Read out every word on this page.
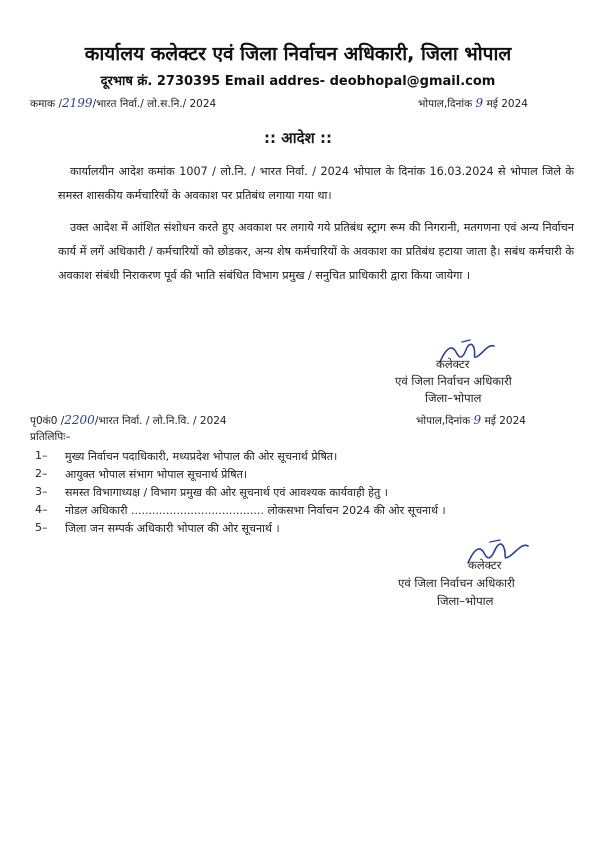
कार्यालय कलेक्टर एवं जिला निर्वाचन अधिकारी, जिला भोपाल
दूरभाष क्रं. 2730395 Email addres- deobhopal@gmail.com
कमाक /2199/भारत निर्वा./ लो.स.नि./ 2024	भोपाल,दिनांक 9 मई 2024
:: आदेश ::
कार्यालयीन आदेश कमांक 1007 / लो.नि. / भारत निर्वा. / 2024 भोपाल के दिनांक 16.03.2024 से भोपाल जिले के समस्त शासकीय कर्मचारियों के अवकाश पर प्रतिबंध लगाया गया था।
उक्त आदेश में आंशित संशोधन करते हुए अवकाश पर लगाये गये प्रतिबंध स्ट्राग रूम की निगरानी, मतगणना एवं अन्य निर्वाचन कार्य में लगें अधिकारी / कर्मचारियों को छोडकर, अन्य शेष कर्मचारियों के अवकाश का प्रतिबंध हटाया जाता है। सबंध कर्मचारी के अवकाश संबंधी निराकरण पूर्व की भाति संबंधित विभाग प्रमुख / सनुचित प्राधिकारी द्वारा किया जायेगा ।
कलेक्टर
एवं जिला निर्वाचन अधिकारी
जिला–भोपाल
पृ0कं0 /2200/भारत निर्वा. / लो.नि.वि. / 2024	भोपाल,दिनांक 9 मई 2024
प्रतिलिपिः–
1– मुख्य निर्वाचन पदाधिकारी, मध्यप्रदेश भोपाल की ओर सूचनार्थ प्रेषित।
2– आयुक्त भोपाल संभाग भोपाल सूचनार्थ प्रेषित।
3– समस्त विभागाध्यक्ष / विभाग प्रमुख की ओर सूचनार्थ एवं आवश्यक कार्यवाही हेतु ।
4– नोडल अधिकारी ...................................... लोकसभा निर्वाचन 2024 की ओर सूचनार्थ ।
5– जिला जन सम्पर्क अधिकारी भोपाल की ओर सूचनार्थ ।
कलेक्टर
एवं जिला निर्वाचन अधिकारी
जिला–भोपाल
